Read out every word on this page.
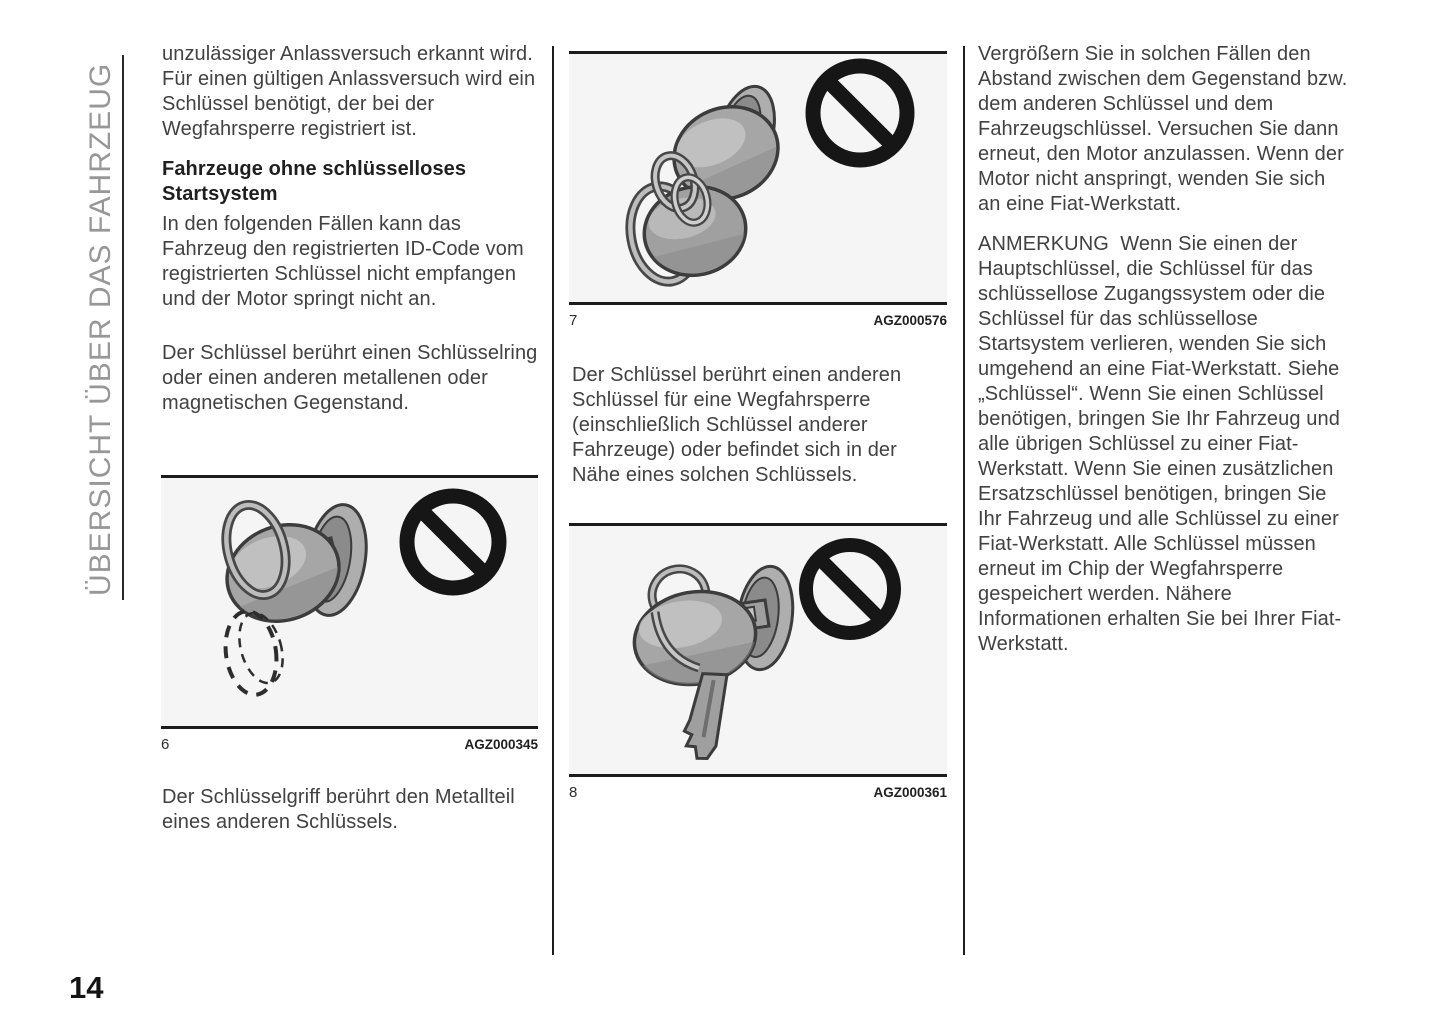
ÜBERSICHT ÜBER DAS FAHRZEUG

unzulässiger Anlassversuch erkannt wird. Für einen gültigen Anlassversuch wird ein Schlüssel benötigt, der bei der Wegfahrsperre registriert ist.

Fahrzeuge ohne schlüsselloses Startsystem

In den folgenden Fällen kann das Fahrzeug den registrierten ID-Code vom registrierten Schlüssel nicht empfangen und der Motor springt nicht an.

Der Schlüssel berührt einen Schlüsselring oder einen anderen metallenen oder magnetischen Gegenstand.

6	AGZ000345

Der Schlüsselgriff berührt den Metallteil eines anderen Schlüssels.

7	AGZ000576

Der Schlüssel berührt einen anderen Schlüssel für eine Wegfahrsperre (einschließlich Schlüssel anderer Fahrzeuge) oder befindet sich in der Nähe eines solchen Schlüssels.

8	AGZ000361

Vergrößern Sie in solchen Fällen den Abstand zwischen dem Gegenstand bzw. dem anderen Schlüssel und dem Fahrzeugschlüssel. Versuchen Sie dann erneut, den Motor anzulassen. Wenn der Motor nicht anspringt, wenden Sie sich an eine Fiat-Werkstatt.

ANMERKUNG  Wenn Sie einen der Hauptschlüssel, die Schlüssel für das schlüssellose Zugangssystem oder die Schlüssel für das schlüssellose Startsystem verlieren, wenden Sie sich umgehend an eine Fiat-Werkstatt. Siehe „Schlüssel“. Wenn Sie einen Schlüssel benötigen, bringen Sie Ihr Fahrzeug und alle übrigen Schlüssel zu einer Fiat-Werkstatt. Wenn Sie einen zusätzlichen Ersatzschlüssel benötigen, bringen Sie Ihr Fahrzeug und alle Schlüssel zu einer Fiat-Werkstatt. Alle Schlüssel müssen erneut im Chip der Wegfahrsperre gespeichert werden. Nähere Informationen erhalten Sie bei Ihrer Fiat-Werkstatt.

14
